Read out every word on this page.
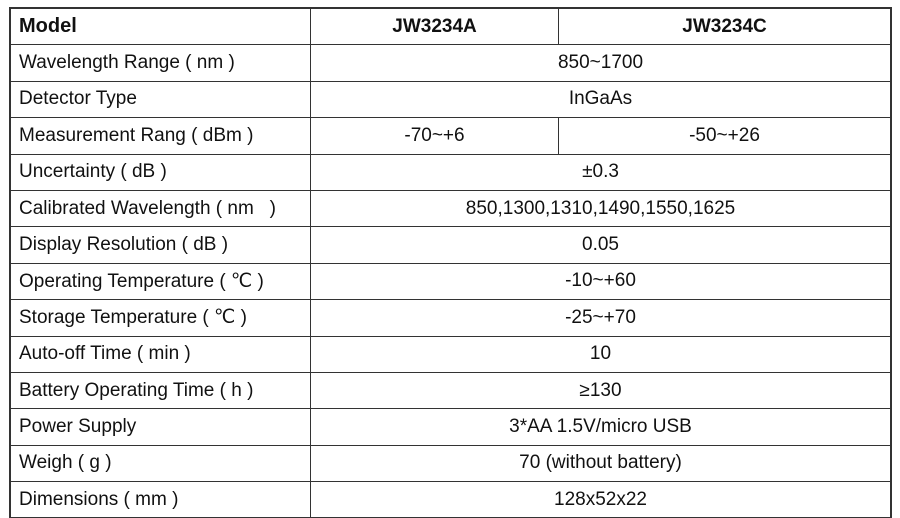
Model	JW3234A	JW3234C
Wavelength Range ( nm )	850~1700	
Detector Type	InGaAs	
Measurement Rang ( dBm )	-70~+6	-50~+26
Uncertainty ( dB )	±0.3	
Calibrated Wavelength ( nm   )	850,1300,1310,1490,1550,1625	
Display Resolution ( dB )	0.05	
Operating Temperature ( ℃ )	-10~+60	
Storage Temperature ( ℃ )	-25~+70	
Auto-off Time ( min )	10	
Battery Operating Time ( h )	≥130	
Power Supply	3*AA 1.5V/micro USB	
Weigh ( g )	70 (without battery)	
Dimensions ( mm )	128x52x22	
